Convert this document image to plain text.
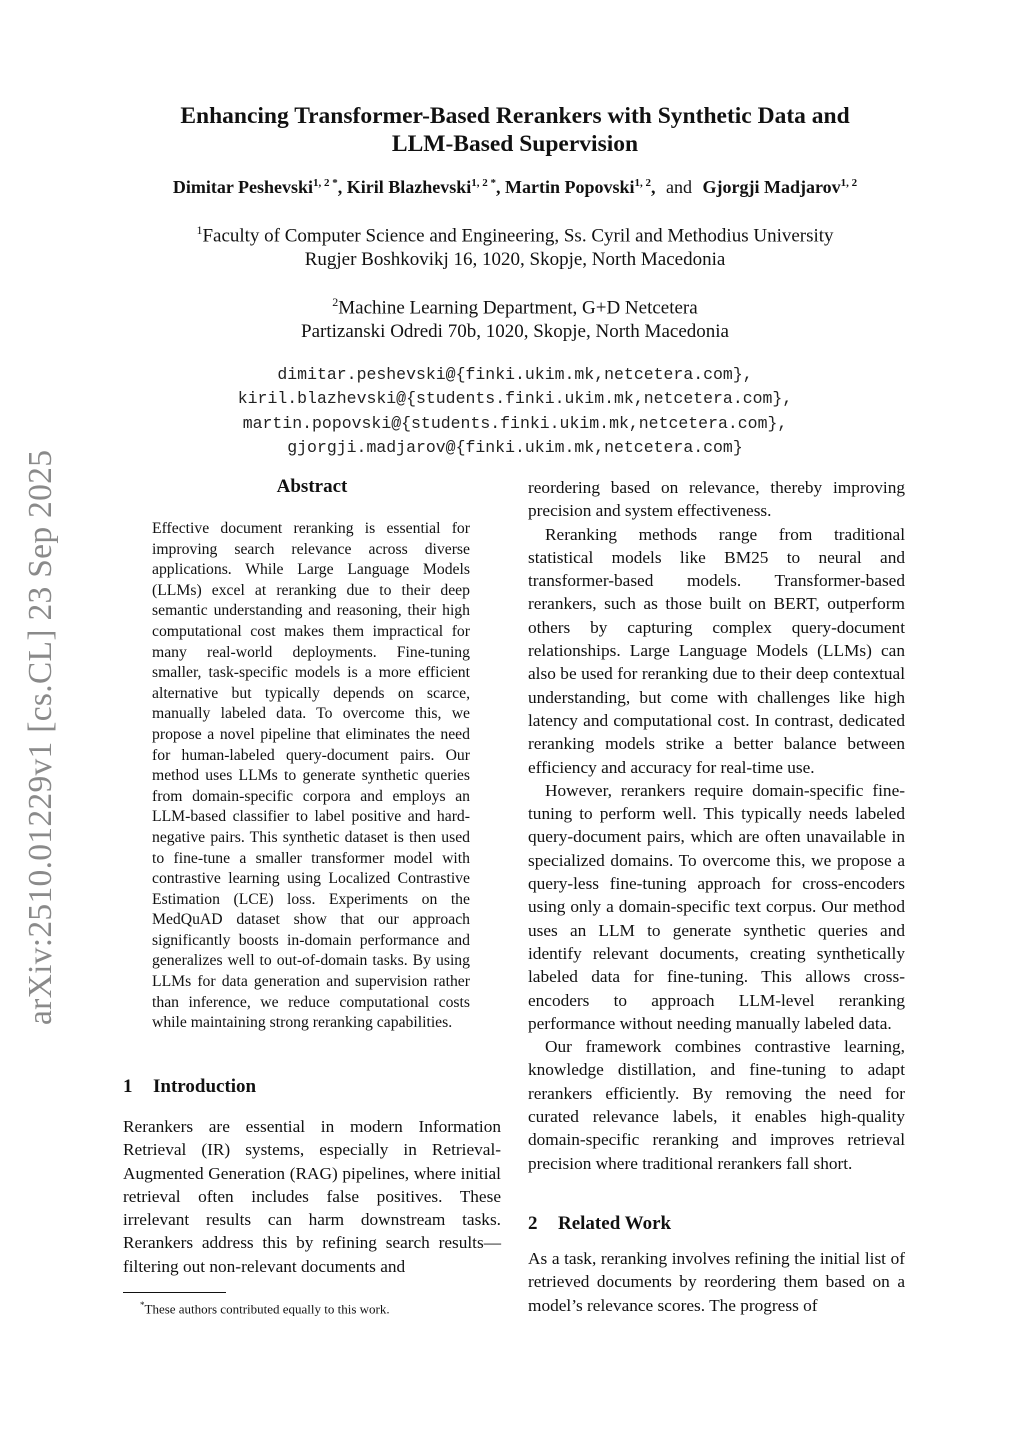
arXiv:2510.01229v1 [cs.CL] 23 Sep 2025
Enhancing Transformer-Based Rerankers with Synthetic Data and
LLM-Based Supervision
Dimitar Peshevski$^{1, 2 *}$, Kiril Blazhevski$^{1, 2 *}$, Martin Popovski$^{1, 2}$, and Gjorgji Madjarov$^{1, 2}$
$^1$Faculty of Computer Science and Engineering, Ss. Cyril and Methodius University
Rugjer Boshkovikj 16, 1020, Skopje, North Macedonia
$^2$Machine Learning Department, G+D Netcetera
Partizanski Odredi 70b, 1020, Skopje, North Macedonia
dimitar.peshevski@{finki.ukim.mk,netcetera.com},
kiril.blazhevski@{students.finki.ukim.mk,netcetera.com},
martin.popovski@{students.finki.ukim.mk,netcetera.com},
gjorgji.madjarov@{finki.ukim.mk,netcetera.com}
Abstract
Effective document reranking is essential for improving search relevance across diverse applications. While Large Language Models (LLMs) excel at reranking due to their deep semantic understanding and reasoning, their high computational cost makes them impractical for many real-world deployments. Fine-tuning smaller, task-specific models is a more efficient alternative but typically depends on scarce, manually labeled data. To overcome this, we propose a novel pipeline that eliminates the need for human-labeled query-document pairs. Our method uses LLMs to generate synthetic queries from domain-specific corpora and employs an LLM-based classifier to label positive and hard-negative pairs. This synthetic dataset is then used to fine-tune a smaller transformer model with contrastive learning using Localized Contrastive Estimation (LCE) loss. Experiments on the MedQuAD dataset show that our approach significantly boosts in-domain performance and generalizes well to out-of-domain tasks. By using LLMs for data generation and supervision rather than inference, we reduce computational costs while maintaining strong reranking capabilities.
1 Introduction

Rerankers are essential in modern Information Retrieval (IR) systems, especially in Retrieval-Augmented Generation (RAG) pipelines, where initial retrieval often includes false positives. These irrelevant results can harm downstream tasks. Rerankers address this by refining search results—filtering out non-relevant documents and

reordering based on relevance, thereby improving precision and system effectiveness.

Reranking methods range from traditional statistical models like BM25 to neural and transformer-based models. Transformer-based rerankers, such as those built on BERT, outperform others by capturing complex query-document relationships. Large Language Models (LLMs) can also be used for reranking due to their deep contextual understanding, but come with challenges like high latency and computational cost. In contrast, dedicated reranking models strike a better balance between efficiency and accuracy for real-time use.

However, rerankers require domain-specific fine-tuning to perform well. This typically needs labeled query-document pairs, which are often unavailable in specialized domains. To overcome this, we propose a query-less fine-tuning approach for cross-encoders using only a domain-specific text corpus. Our method uses an LLM to generate synthetic queries and identify relevant documents, creating synthetically labeled data for fine-tuning. This allows cross-encoders to approach LLM-level reranking performance without needing manually labeled data.

Our framework combines contrastive learning, knowledge distillation, and fine-tuning to adapt rerankers efficiently. By removing the need for curated relevance labels, it enables high-quality domain-specific reranking and improves retrieval precision where traditional rerankers fall short.

2 Related Work

As a task, reranking involves refining the initial list of retrieved documents by reordering them based on a model’s relevance scores. The progress of

*These authors contributed equally to this work.
